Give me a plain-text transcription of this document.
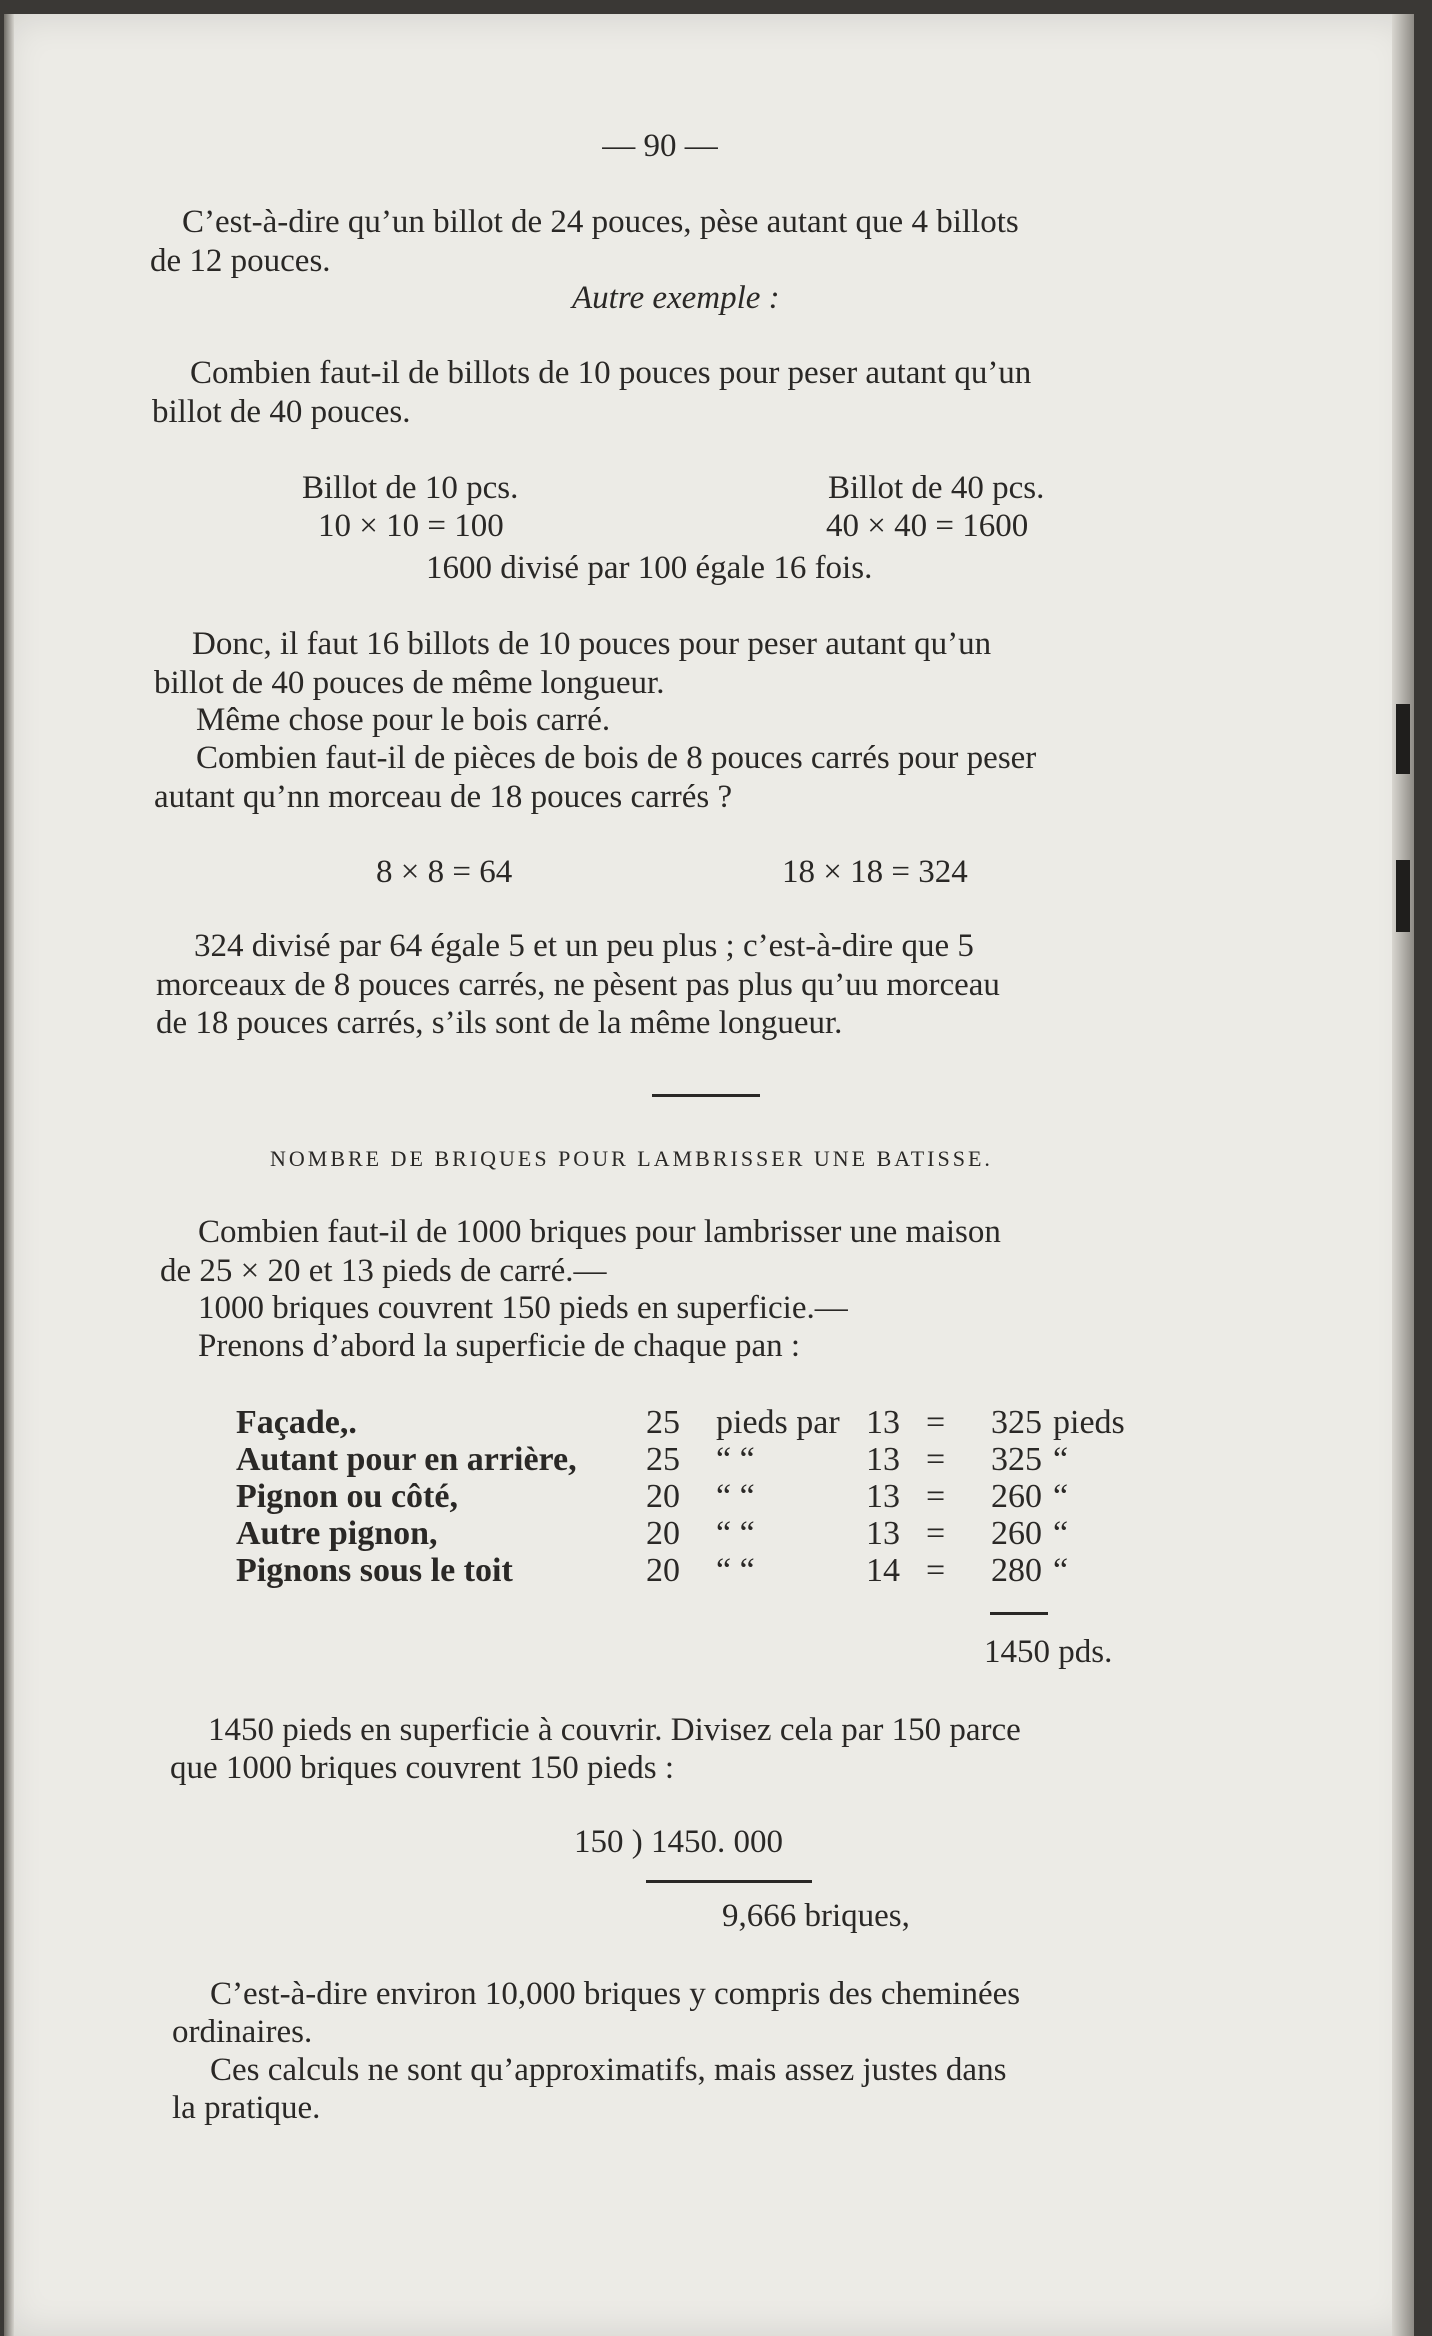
— 90 —
C’est-à-dire qu’un billot de 24 pouces, pèse autant que 4 billots
de 12 pouces.
Autre exemple :
Combien faut-il de billots de 10 pouces pour peser autant qu’un
billot de 40 pouces.
Billot de 10 pcs.	Billot de 40 pcs.
10 × 10 = 100	40 × 40 = 1600
1600 divisé par 100 égale 16 fois.
Donc, il faut 16 billots de 10 pouces pour peser autant qu’un
billot de 40 pouces de même longueur.
Même chose pour le bois carré.
Combien faut-il de pièces de bois de 8 pouces carrés pour peser
autant qu’nn morceau de 18 pouces carrés ?
8 × 8 = 64	18 × 18 = 324
324 divisé par 64 égale 5 et un peu plus ; c’est-à-dire que 5
morceaux de 8 pouces carrés, ne pèsent pas plus qu’uu morceau
de 18 pouces carrés, s’ils sont de la même longueur.
NOMBRE DE BRIQUES POUR LAMBRISSER UNE BATISSE.
Combien faut-il de 1000 briques pour lambrisser une maison
de 25 × 20 et 13 pieds de carré.—
1000 briques couvrent 150 pieds en superficie.—
Prenons d’abord la superficie de chaque pan :
Façade,.	25 pieds par 13 = 325 pieds
Autant pour en arrière, 25 “ “	13 = 325 “
Pignon ou côté,	20 “ “	13 = 260 “
Autre pignon,	20 “ “	13 = 260 “
Pignons sous le toit	20 “ “	14 = 280 “
1450 pds.
1450 pieds en superficie à couvrir. Divisez cela par 150 parce
que 1000 briques couvrent 150 pieds :
150 ) 1450. 000
9,666 briques,
C’est-à-dire environ 10,000 briques y compris des cheminées
ordinaires.
Ces calculs ne sont qu’approximatifs, mais assez justes dans
la pratique.
